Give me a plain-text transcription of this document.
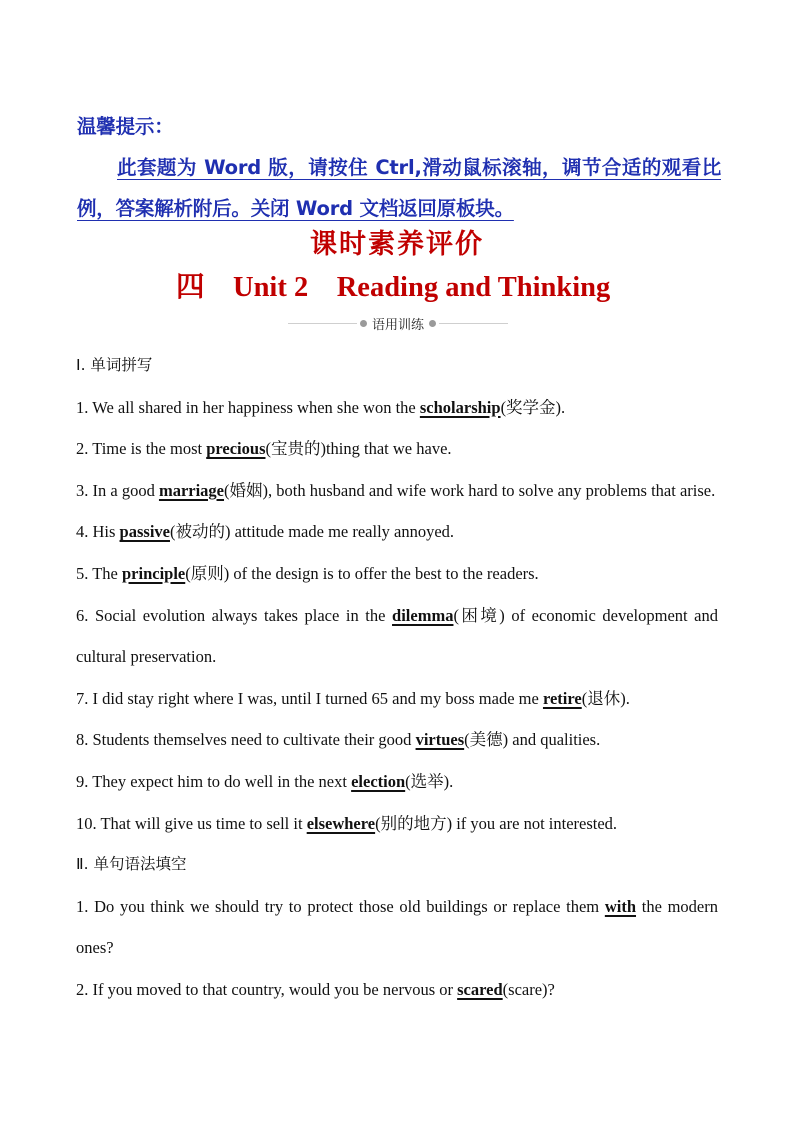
温馨提示：
此套题为 Word 版，请按住 Ctrl,滑动鼠标滚轴，调节合适的观看比例，答案解析附后。关闭 Word 文档返回原板块。
课时素养评价
四    Unit 2    Reading and Thinking
语用训练

Ⅰ. 单词拼写

1. We all shared in her happiness when she won the scholarship(奖学金).

2. Time is the most precious(宝贵的)thing that we have.

3. In a good marriage(婚姻), both husband and wife work hard to solve any problems that arise.

4. His passive(被动的) attitude made me really annoyed.

5. The principle(原则) of the design is to offer the best to the readers.

6. Social evolution always takes place in the dilemma(困境) of economic development and cultural preservation.

7. I did stay right where I was, until I turned 65 and my boss made me retire(退休).

8. Students themselves need to cultivate their good virtues(美德) and qualities.

9. They expect him to do well in the next election(选举).

10. That will give us time to sell it elsewhere(别的地方) if you are not interested.

Ⅱ. 单句语法填空

1. Do you think we should try to protect those old buildings or replace them with the modern ones?

2. If you moved to that country, would you be nervous or scared(scare)?
